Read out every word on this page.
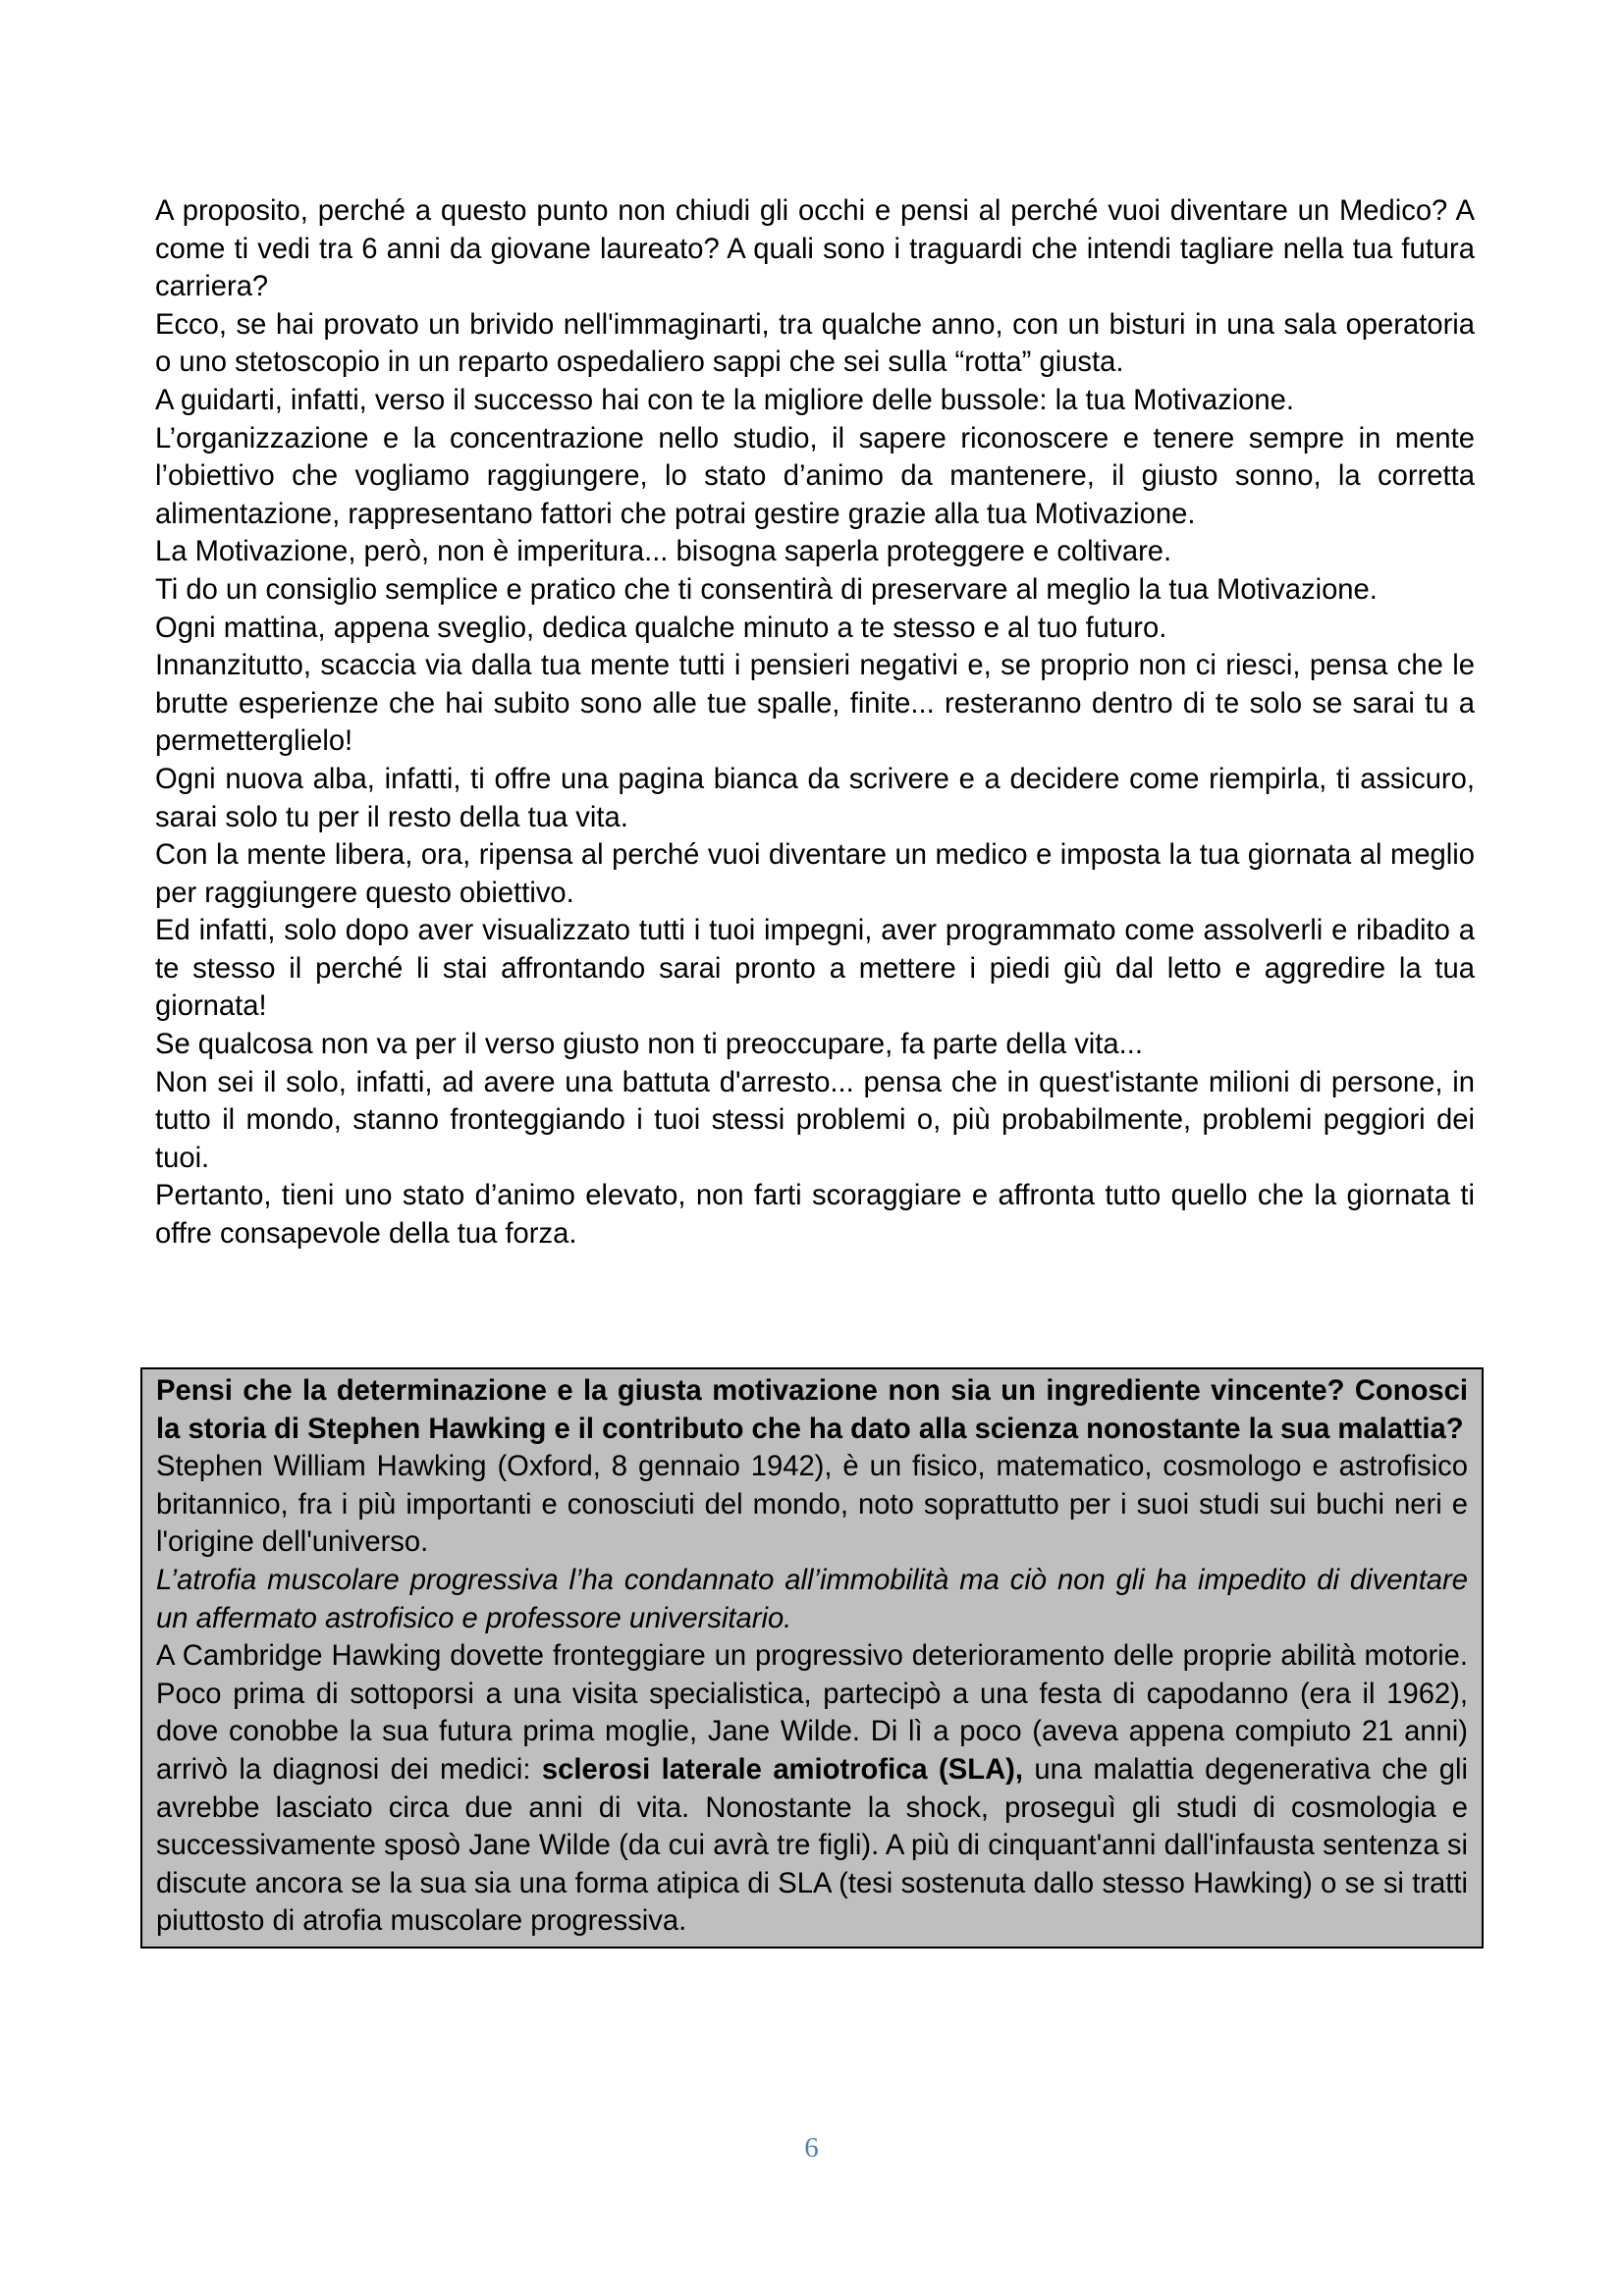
A proposito, perché a questo punto non chiudi gli occhi e pensi al perché vuoi diventare un Medico? A come ti vedi tra 6 anni da giovane laureato? A quali sono i traguardi che intendi tagliare nella tua futura carriera?

Ecco, se hai provato un brivido nell'immaginarti, tra qualche anno, con un bisturi in una sala operatoria o uno stetoscopio in un reparto ospedaliero sappi che sei sulla “rotta” giusta.

A guidarti, infatti, verso il successo hai con te la migliore delle bussole: la tua Motivazione.

L’organizzazione e la concentrazione nello studio, il sapere riconoscere e tenere sempre in mente l’obiettivo che vogliamo raggiungere, lo stato d’animo da mantenere, il giusto sonno, la corretta alimentazione, rappresentano fattori che potrai gestire grazie alla tua Motivazione.

La Motivazione, però, non è imperitura... bisogna saperla proteggere e coltivare.

Ti do un consiglio semplice e pratico che ti consentirà di preservare al meglio la tua Motivazione.

Ogni mattina, appena sveglio, dedica qualche minuto a te stesso e al tuo futuro.

Innanzitutto, scaccia via dalla tua mente tutti i pensieri negativi e, se proprio non ci riesci, pensa che le brutte esperienze che hai subito sono alle tue spalle, finite... resteranno dentro di te solo se sarai tu a permetterglielo!

Ogni nuova alba, infatti, ti offre una pagina bianca da scrivere e a decidere come riempirla, ti assicuro, sarai solo tu per il resto della tua vita.

Con la mente libera, ora, ripensa al perché vuoi diventare un medico e imposta la tua giornata al meglio per raggiungere questo obiettivo.

Ed infatti, solo dopo aver visualizzato tutti i tuoi impegni, aver programmato come assolverli e ribadito a te stesso il perché li stai affrontando sarai pronto a mettere i piedi giù dal letto e aggredire la tua giornata!

Se qualcosa non va per il verso giusto non ti preoccupare, fa parte della vita...

Non sei il solo, infatti, ad avere una battuta d'arresto... pensa che in quest'istante milioni di persone, in tutto il mondo, stanno fronteggiando i tuoi stessi problemi o, più probabilmente, problemi peggiori dei tuoi.

Pertanto, tieni uno stato d’animo elevato, non farti scoraggiare e affronta tutto quello che la giornata ti offre consapevole della tua forza.

Pensi che la determinazione e la giusta motivazione non sia un ingrediente vincente? Conosci la storia di Stephen Hawking e il contributo che ha dato alla scienza nonostante la sua malattia?

Stephen William Hawking (Oxford, 8 gennaio 1942), è un fisico, matematico, cosmologo e astrofisico britannico, fra i più importanti e conosciuti del mondo, noto soprattutto per i suoi studi sui buchi neri e l'origine dell'universo.

L’atrofia muscolare progressiva l’ha condannato all’immobilità ma ciò non gli ha impedito di diventare un affermato astrofisico e professore universitario.

A Cambridge Hawking dovette fronteggiare un progressivo deterioramento delle proprie abilità motorie. Poco prima di sottoporsi a una visita specialistica, partecipò a una festa di capodanno (era il 1962), dove conobbe la sua futura prima moglie, Jane Wilde. Di lì a poco (aveva appena compiuto 21 anni) arrivò la diagnosi dei medici: sclerosi laterale amiotrofica (SLA), una malattia degenerativa che gli avrebbe lasciato circa due anni di vita. Nonostante la shock, proseguì gli studi di cosmologia e successivamente sposò Jane Wilde (da cui avrà tre figli). A più di cinquant'anni dall'infausta sentenza si discute ancora se la sua sia una forma atipica di SLA (tesi sostenuta dallo stesso Hawking) o se si tratti piuttosto di atrofia muscolare progressiva.

6
